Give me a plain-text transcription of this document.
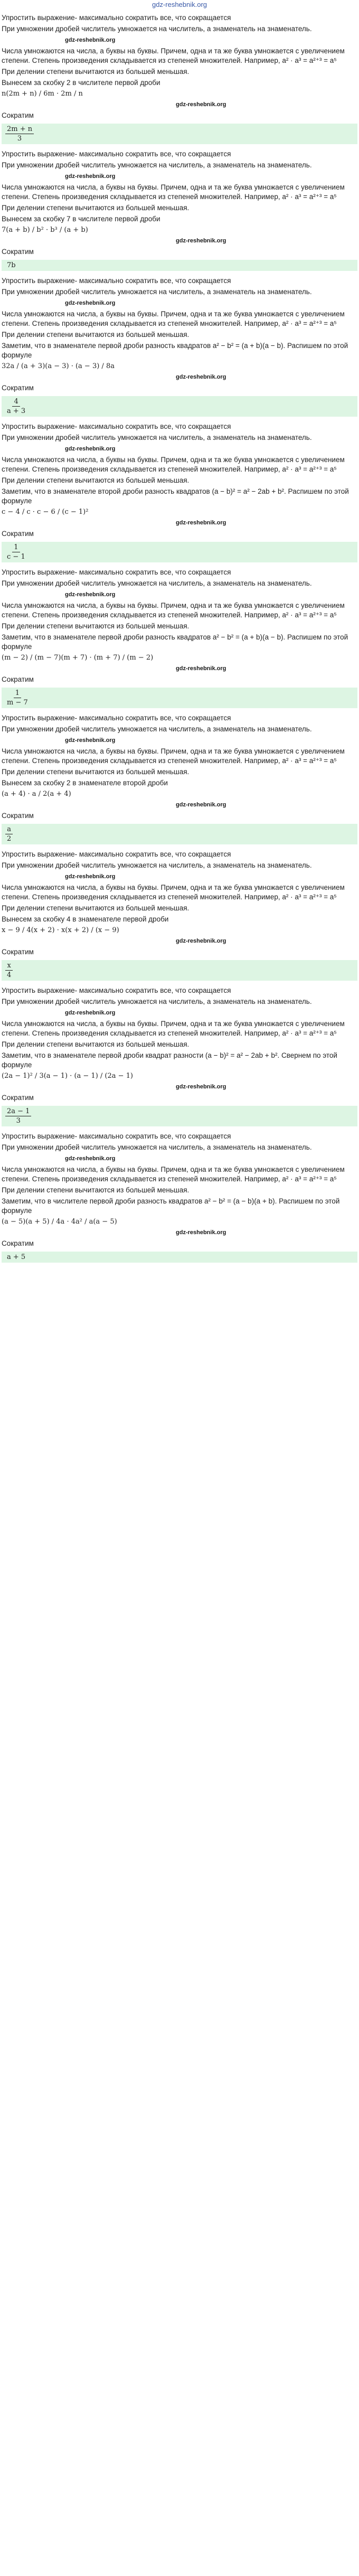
gdz-reshebnik.org
Упростить выражение- максимально сократить все, что сокращается
При умножении дробей числитель умножается на числитель, а знаменатель на знаменатель.
gdz-reshebnik.org
Числа умножаются на числа, а буквы на буквы. Причем, одна и та же буква умножается с увеличением степени. Степень произведения складывается из степеней множителей. Например, a² · a³ = a²⁺³ = a⁵
При делении степени вычитаются из большей меньшая.
Вынесем за скобку 2 в числителе первой дроби
n(2m + n) / 6m · 2m / n
gdz-reshebnik.org
Сократим
$\frac{2m + n}{3}$
Упростить выражение- максимально сократить все, что сокращается
При умножении дробей числитель умножается на числитель, а знаменатель на знаменатель.
gdz-reshebnik.org
Числа умножаются на числа, а буквы на буквы. Причем, одна и та же буква умножается с увеличением степени. Степень произведения складывается из степеней множителей. Например, a² · a³ = a²⁺³ = a⁵
При делении степени вычитаются из большей меньшая.
Вынесем за скобку 7 в числителе первой дроби
7(a + b) / b² · b³ / (a + b)
gdz-reshebnik.org
Сократим
7b
Упростить выражение- максимально сократить все, что сокращается
При умножении дробей числитель умножается на числитель, а знаменатель на знаменатель.
gdz-reshebnik.org
Числа умножаются на числа, а буквы на буквы. Причем, одна и та же буква умножается с увеличением степени. Степень произведения складывается из степеней множителей. Например, a² · a³ = a²⁺³ = a⁵
При делении степени вычитаются из большей меньшая.
Заметим, что в знаменателе первой дроби разность квадратов a² − b² = (a + b)(a − b). Распишем по этой формуле
32a / (a + 3)(a − 3) · (a − 3) / 8a
gdz-reshebnik.org
Сократим
$\frac{4}{a + 3}$
Упростить выражение- максимально сократить все, что сокращается
При умножении дробей числитель умножается на числитель, а знаменатель на знаменатель.
gdz-reshebnik.org
Числа умножаются на числа, а буквы на буквы. Причем, одна и та же буква умножается с увеличением степени. Степень произведения складывается из степеней множителей. Например, a² · a³ = a²⁺³ = a⁵
При делении степени вычитаются из большей меньшая.
Заметим, что в знаменателе второй дроби разность квадратов (a − b)² = a² − 2ab + b². Распишем по этой формуле
c − 4 / c · c − 6 / (c − 1)²
gdz-reshebnik.org
Сократим
$\frac{1}{c - 1}$
Упростить выражение- максимально сократить все, что сокращается
При умножении дробей числитель умножается на числитель, а знаменатель на знаменатель.
gdz-reshebnik.org
Числа умножаются на числа, а буквы на буквы. Причем, одна и та же буква умножается с увеличением степени. Степень произведения складывается из степеней множителей. Например, a² · a³ = a²⁺³ = a⁵
При делении степени вычитаются из большей меньшая.
Заметим, что в знаменателе первой дроби разность квадратов a² − b² = (a + b)(a − b). Распишем по этой формуле
(m − 2) / (m − 7)(m + 7) · (m + 7) / (m − 2)
gdz-reshebnik.org
Сократим
$\frac{1}{m - 7}$
Упростить выражение- максимально сократить все, что сокращается
При умножении дробей числитель умножается на числитель, а знаменатель на знаменатель.
gdz-reshebnik.org
Числа умножаются на числа, а буквы на буквы. Причем, одна и та же буква умножается с увеличением степени. Степень произведения складывается из степеней множителей. Например, a² · a³ = a²⁺³ = a⁵
При делении степени вычитаются из большей меньшая.
Вынесем за скобку 2 в знаменателе второй дроби
(a + 4) · a / 2(a + 4)
gdz-reshebnik.org
Сократим
$\frac{a}{2}$
Упростить выражение- максимально сократить все, что сокращается
При умножении дробей числитель умножается на числитель, а знаменатель на знаменатель.
gdz-reshebnik.org
Числа умножаются на числа, а буквы на буквы. Причем, одна и та же буква умножается с увеличением степени. Степень произведения складывается из степеней множителей. Например, a² · a³ = a²⁺³ = a⁵
При делении степени вычитаются из большей меньшая.
Вынесем за скобку 4 в знаменателе первой дроби
x − 9 / 4(x + 2) · x(x + 2) / (x − 9)
gdz-reshebnik.org
Сократим
$\frac{x}{4}$
Упростить выражение- максимально сократить все, что сокращается
При умножении дробей числитель умножается на числитель, а знаменатель на знаменатель.
gdz-reshebnik.org
Числа умножаются на числа, а буквы на буквы. Причем, одна и та же буква умножается с увеличением степени. Степень произведения складывается из степеней множителей. Например, a² · a³ = a²⁺³ = a⁵
При делении степени вычитаются из большей меньшая.
Заметим, что в знаменателе первой дроби квадрат разности (a − b)² = a² − 2ab + b². Свернем по этой формуле
(2a − 1)² / 3(a − 1) · (a − 1) / (2a − 1)
gdz-reshebnik.org
Сократим
$\frac{2a - 1}{3}$
Упростить выражение- максимально сократить все, что сокращается
При умножении дробей числитель умножается на числитель, а знаменатель на знаменатель.
gdz-reshebnik.org
Числа умножаются на числа, а буквы на буквы. Причем, одна и та же буква умножается с увеличением степени. Степень произведения складывается из степеней множителей. Например, a² · a³ = a²⁺³ = a⁵
При делении степени вычитаются из большей меньшая.
Заметим, что в числителе первой дроби разность квадратов a² − b² = (a − b)(a + b). Распишем по этой формуле
(a − 5)(a + 5) / 4a · 4a² / a(a − 5)
gdz-reshebnik.org
Сократим
a + 5
